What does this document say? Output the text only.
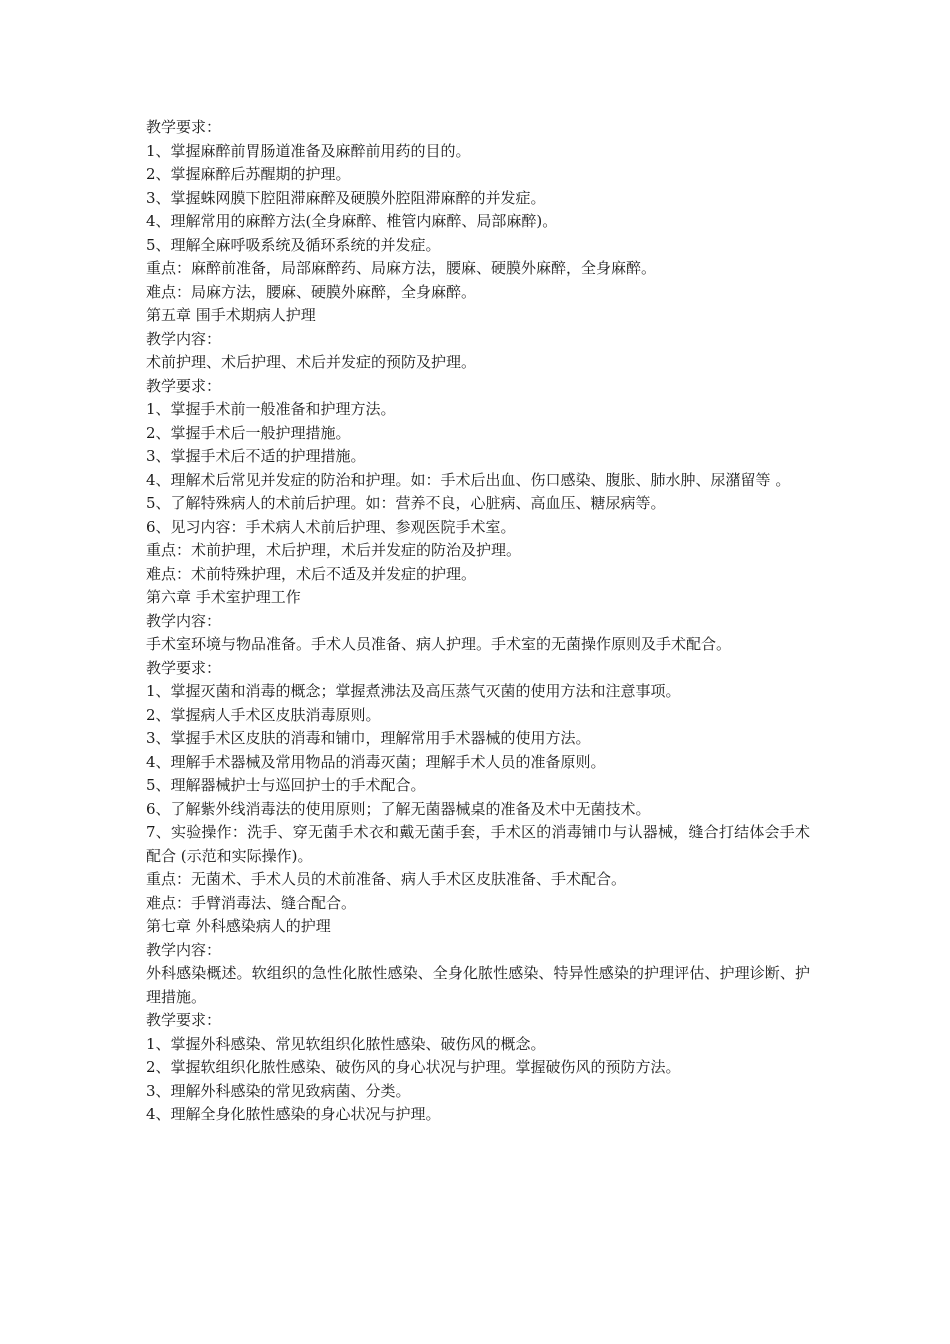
教学要求：
1、掌握麻醉前胃肠道准备及麻醉前用药的目的。
2、掌握麻醉后苏醒期的护理。
3、掌握蛛网膜下腔阻滞麻醉及硬膜外腔阻滞麻醉的并发症。
4、理解常用的麻醉方法(全身麻醉、椎管内麻醉、局部麻醉)。
5、理解全麻呼吸系统及循环系统的并发症。
重点：麻醉前准备，局部麻醉药、局麻方法，腰麻、硬膜外麻醉，全身麻醉。
难点：局麻方法，腰麻、硬膜外麻醉，全身麻醉。
第五章 围手术期病人护理
教学内容：
术前护理、术后护理、术后并发症的预防及护理。
教学要求：
1、掌握手术前一般准备和护理方法。
2、掌握手术后一般护理措施。
3、掌握手术后不适的护理措施。
4、理解术后常见并发症的防治和护理。如：手术后出血、伤口感染、腹胀、肺水肿、尿潴留等 。
5、了解特殊病人的术前后护理。如：营养不良，心脏病、高血压、糖尿病等。
6、见习内容：手术病人术前后护理、参观医院手术室。
重点：术前护理，术后护理，术后并发症的防治及护理。
难点：术前特殊护理，术后不适及并发症的护理。
第六章 手术室护理工作
教学内容：
手术室环境与物品准备。手术人员准备、病人护理。手术室的无菌操作原则及手术配合。
教学要求：
1、掌握灭菌和消毒的概念；掌握煮沸法及高压蒸气灭菌的使用方法和注意事项。
2、掌握病人手术区皮肤消毒原则。
3、掌握手术区皮肤的消毒和铺巾，理解常用手术器械的使用方法。
4、理解手术器械及常用物品的消毒灭菌；理解手术人员的准备原则。
5、理解器械护士与巡回护士的手术配合。
6、了解紫外线消毒法的使用原则；了解无菌器械桌的准备及术中无菌技术。
7、实验操作：洗手、穿无菌手术衣和戴无菌手套，手术区的消毒铺巾与认器械，缝合打结体会手术配合 (示范和实际操作)。
重点：无菌术、手术人员的术前准备、病人手术区皮肤准备、手术配合。
难点：手臂消毒法、缝合配合。
第七章 外科感染病人的护理
教学内容：
外科感染概述。软组织的急性化脓性感染、全身化脓性感染、特异性感染的护理评估、护理诊断、护理措施。
教学要求：
1、掌握外科感染、常见软组织化脓性感染、破伤风的概念。
2、掌握软组织化脓性感染、破伤风的身心状况与护理。掌握破伤风的预防方法。
3、理解外科感染的常见致病菌、分类。
4、理解全身化脓性感染的身心状况与护理。
